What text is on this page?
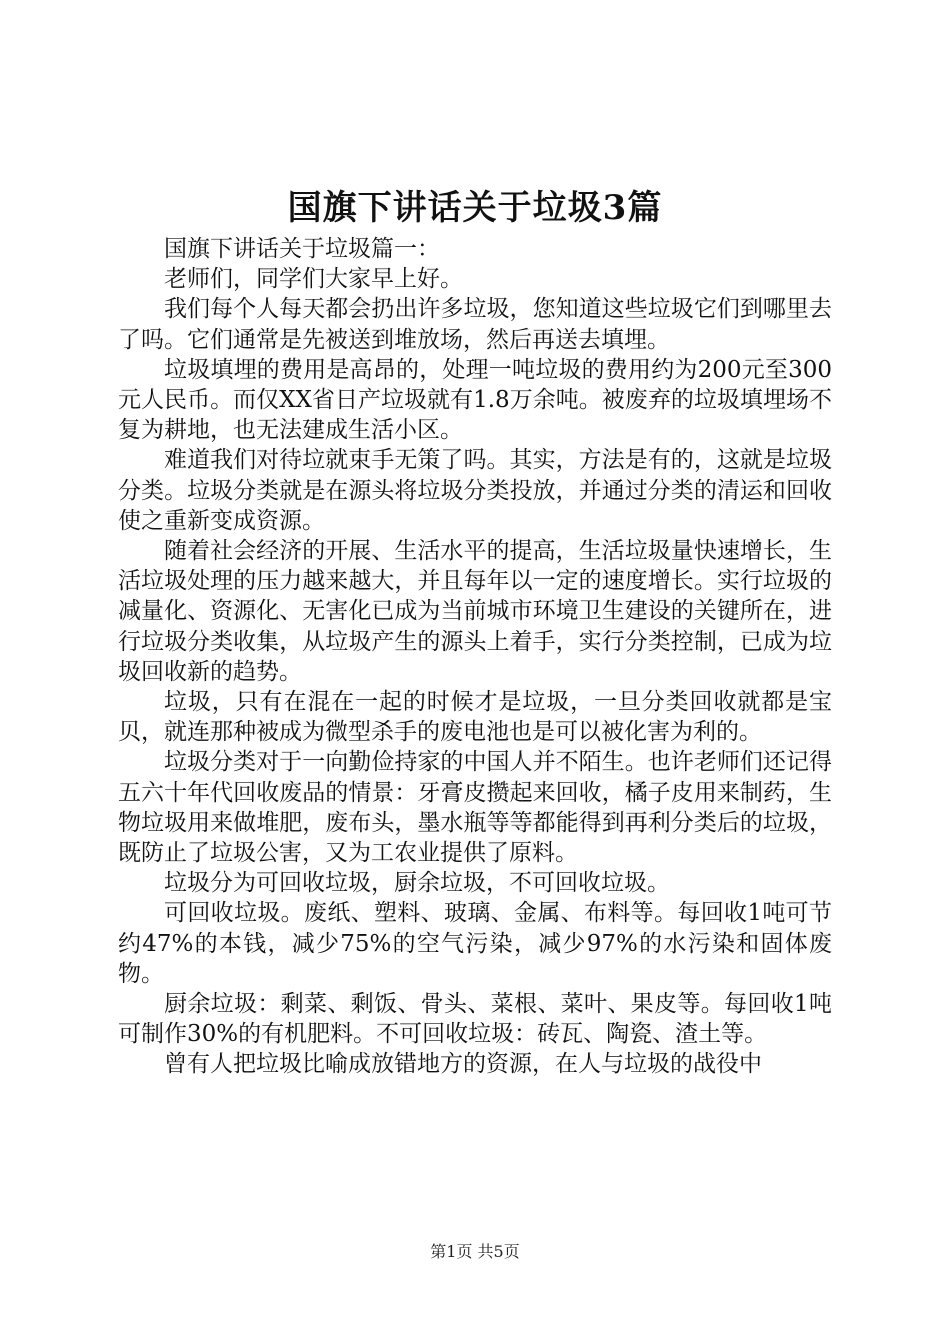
国旗下讲话关于垃圾3篇

国旗下讲话关于垃圾篇一：

老师们，同学们大家早上好。

我们每个人每天都会扔出许多垃圾，您知道这些垃圾它们到哪里去了吗。它们通常是先被送到堆放场，然后再送去填埋。

垃圾填埋的费用是高昂的，处理一吨垃圾的费用约为200元至300元人民币。而仅XX省日产垃圾就有1.8万余吨。被废弃的垃圾填埋场不复为耕地，也无法建成生活小区。

难道我们对待垃就束手无策了吗。其实，方法是有的，这就是垃圾分类。垃圾分类就是在源头将垃圾分类投放，并通过分类的清运和回收使之重新变成资源。

随着社会经济的开展、生活水平的提高，生活垃圾量快速增长，生活垃圾处理的压力越来越大，并且每年以一定的速度增长。实行垃圾的减量化、资源化、无害化已成为当前城市环境卫生建设的关键所在，进行垃圾分类收集，从垃圾产生的源头上着手，实行分类控制，已成为垃圾回收新的趋势。

垃圾，只有在混在一起的时候才是垃圾，一旦分类回收就都是宝贝，就连那种被成为微型杀手的废电池也是可以被化害为利的。

垃圾分类对于一向勤俭持家的中国人并不陌生。也许老师们还记得五六十年代回收废品的情景：牙膏皮攒起来回收，橘子皮用来制药，生物垃圾用来做堆肥，废布头，墨水瓶等等都能得到再利分类后的垃圾，既防止了垃圾公害，又为工农业提供了原料。

垃圾分为可回收垃圾，厨余垃圾，不可回收垃圾。

可回收垃圾。废纸、塑料、玻璃、金属、布料等。每回收1吨可节约47%的本钱，减少75%的空气污染，减少97%的水污染和固体废物。

厨余垃圾：剩菜、剩饭、骨头、菜根、菜叶、果皮等。每回收1吨可制作30%的有机肥料。不可回收垃圾：砖瓦、陶瓷、渣土等。

曾有人把垃圾比喻成放错地方的资源，在人与垃圾的战役中

第1页 共5页
